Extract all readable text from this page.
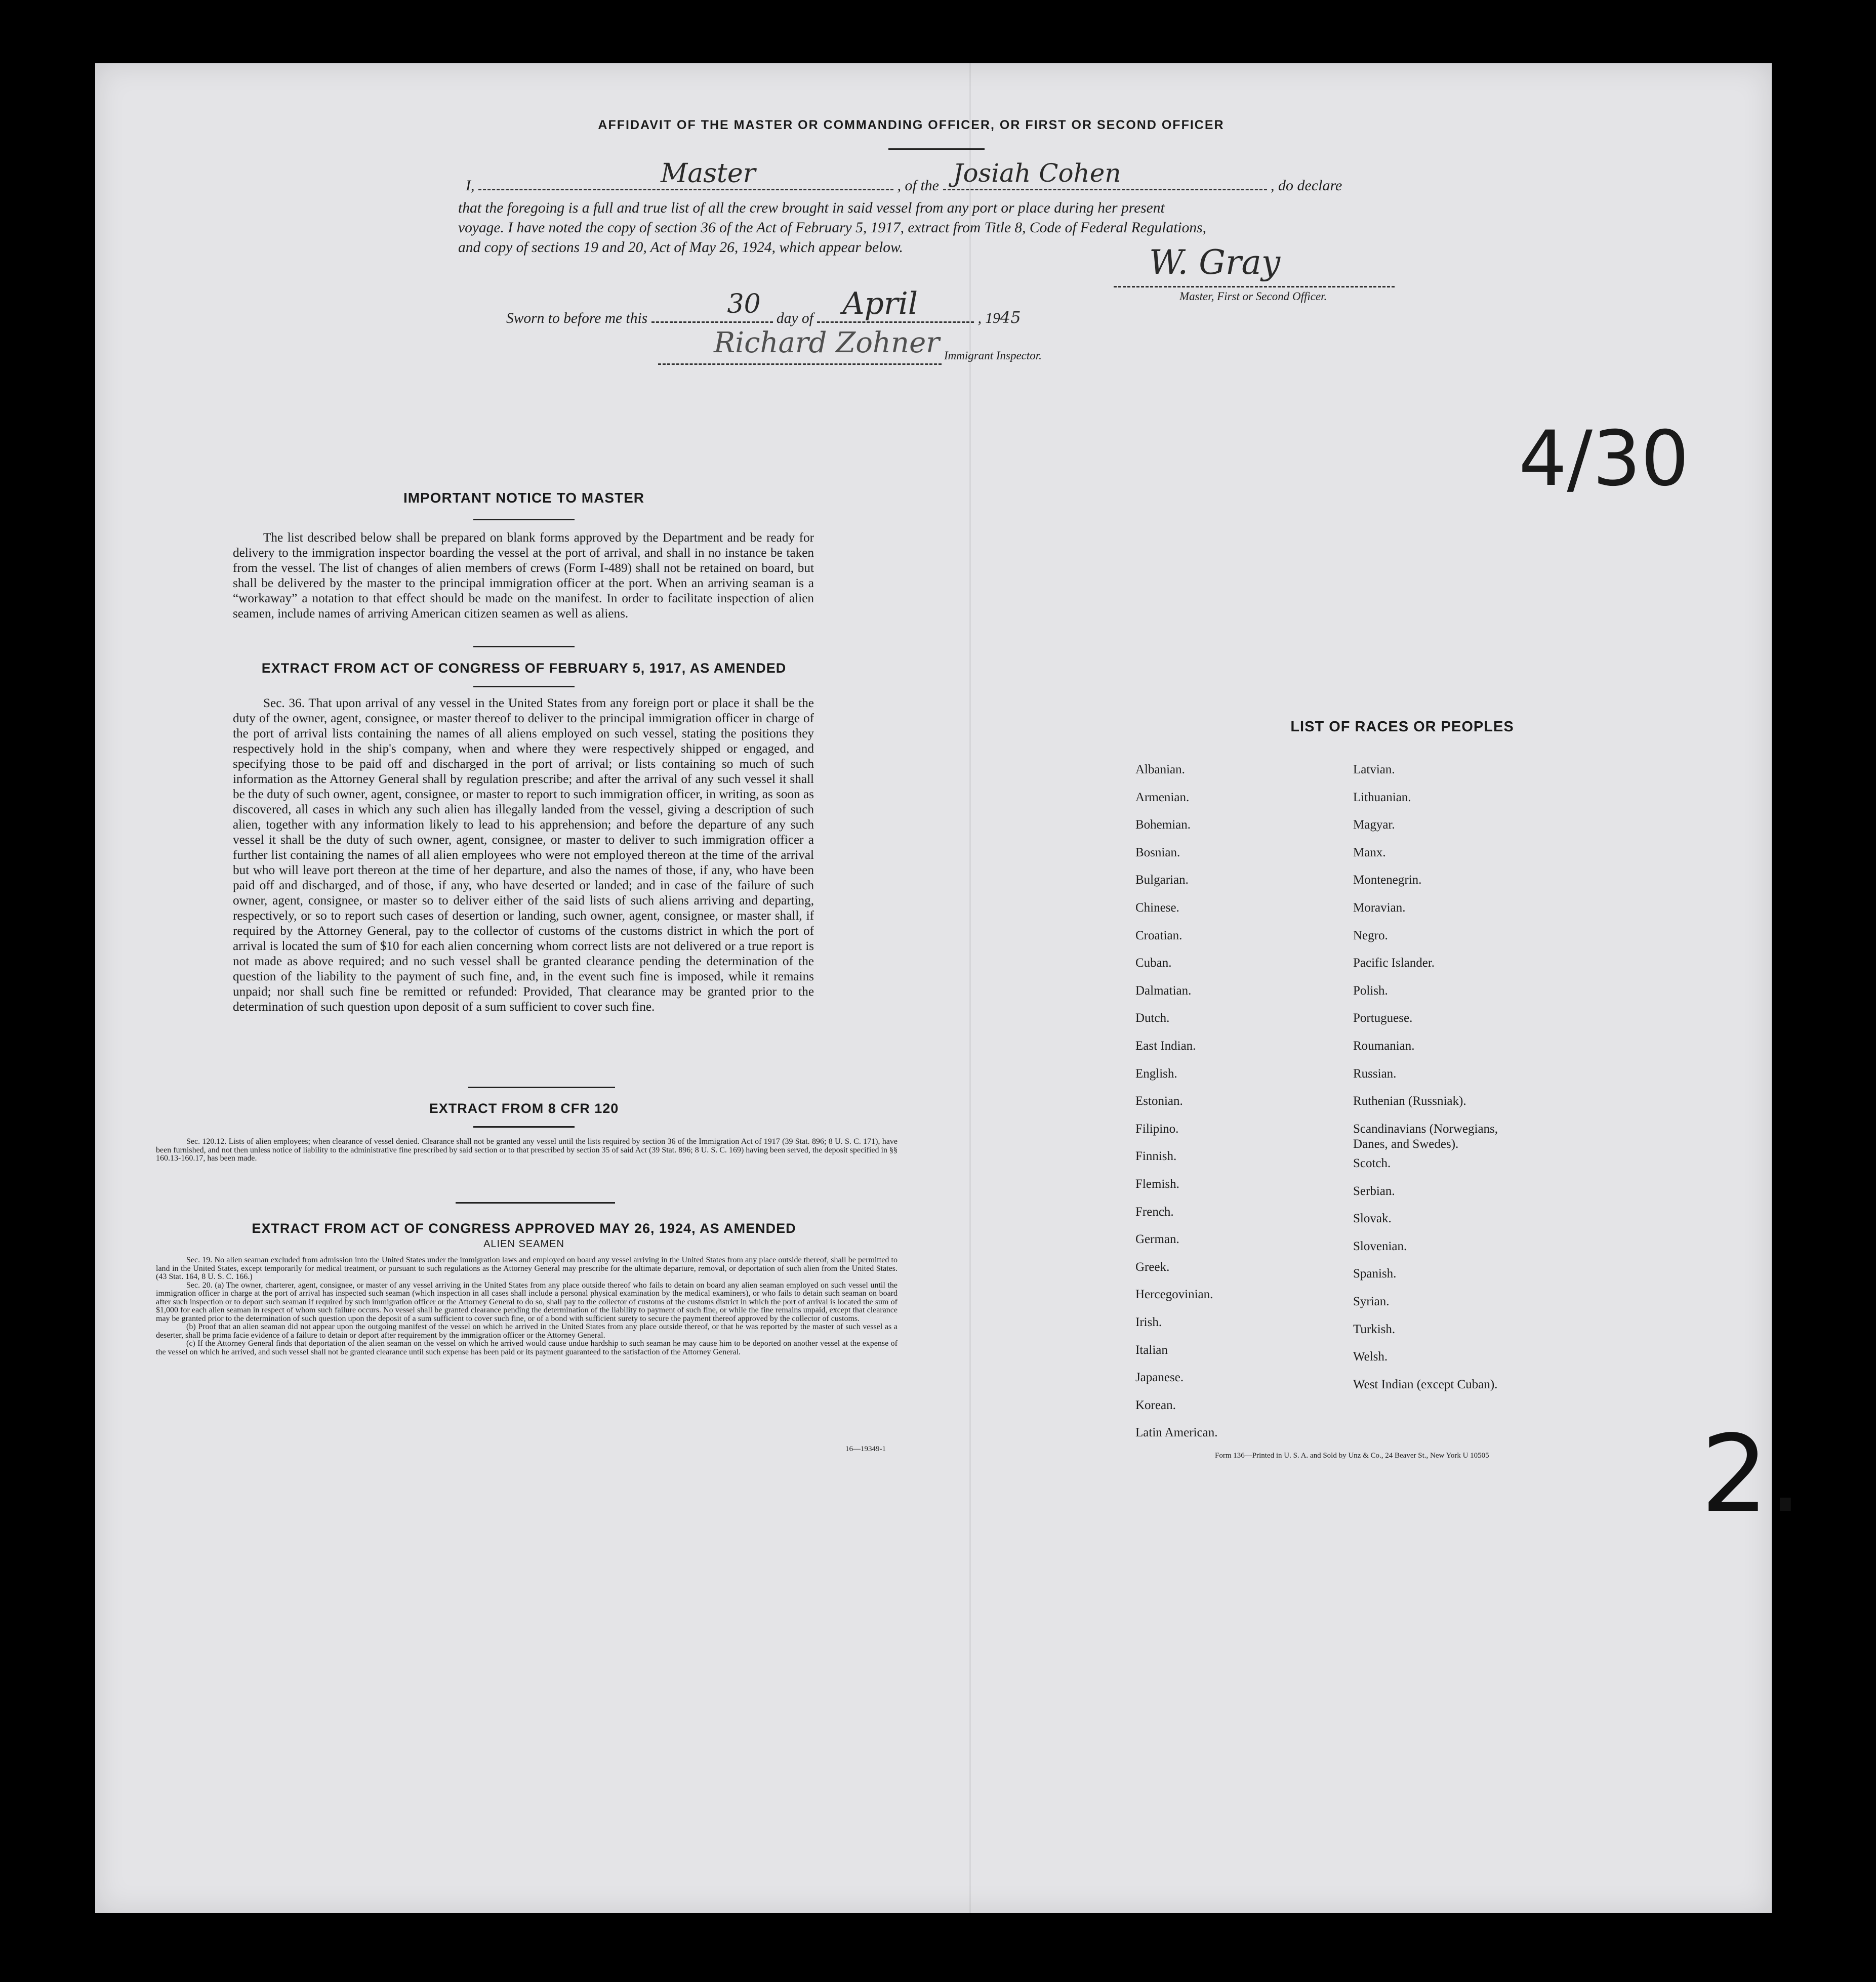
AFFIDAVIT OF THE MASTER OR COMMANDING OFFICER, OR FIRST OR SECOND OFFICER
I,	Master	, of the Josiah Cohen	, do declare
that the foregoing is a full and true list of all the crew brought in said vessel from any port or place during her present
voyage. I have noted the copy of section 36 of the Act of February 5, 1917, extract from Title 8, Code of Federal Regulations,
and copy of sections 19 and 20, Act of May 26, 1924, which appear below.	W. Gray
Master, First or Second Officer.
Sworn to before me this	30 day of April	, 1945
Richard Zohner Immigrant Inspector.
4/30
2.
IMPORTANT NOTICE TO MASTER
The list described below shall be prepared on blank forms approved by the Department and be ready for delivery to the immigration inspector boarding the vessel at the port of arrival, and shall in no instance be taken from the vessel. The list of changes of alien members of crews (Form I-489) shall not be retained on board, but shall be delivered by the master to the principal immigration officer at the port. When an arriving seaman is a “workaway” a notation to that effect should be made on the manifest. In order to facilitate inspection of alien seamen, include names of arriving American citizen seamen as well as aliens.
EXTRACT FROM ACT OF CONGRESS OF FEBRUARY 5, 1917, AS AMENDED
Sec. 36. That upon arrival of any vessel in the United States from any foreign port or place it shall be the duty of the owner, agent, consignee, or master thereof to deliver to the principal immigration officer in charge of the port of arrival lists containing the names of all aliens employed on such vessel, stating the positions they respectively hold in the ship's company, when and where they were respectively shipped or engaged, and specifying those to be paid off and discharged in the port of arrival; or lists containing so much of such information as the Attorney General shall by regulation prescribe; and after the arrival of any such vessel it shall be the duty of such owner, agent, consignee, or master to report to such immigration officer, in writing, as soon as discovered, all cases in which any such alien has illegally landed from the vessel, giving a description of such alien, together with any information likely to lead to his apprehension; and before the departure of any such vessel it shall be the duty of such owner, agent, consignee, or master to deliver to such immigration officer a further list containing the names of all alien employees who were not employed thereon at the time of the arrival but who will leave port thereon at the time of her departure, and also the names of those, if any, who have been paid off and discharged, and of those, if any, who have deserted or landed; and in case of the failure of such owner, agent, consignee, or master so to deliver either of the said lists of such aliens arriving and departing, respectively, or so to report such cases of desertion or landing, such owner, agent, consignee, or master shall, if required by the Attorney General, pay to the collector of customs of the customs district in which the port of arrival is located the sum of $10 for each alien concerning whom correct lists are not delivered or a true report is not made as above required; and no such vessel shall be granted clearance pending the determination of the question of the liability to the payment of such fine, and, in the event such fine is imposed, while it remains unpaid; nor shall such fine be remitted or refunded: Provided, That clearance may be granted prior to the determination of such question upon deposit of a sum sufficient to cover such fine.
EXTRACT FROM 8 CFR 120
Sec. 120.12. Lists of alien employees; when clearance of vessel denied. Clearance shall not be granted any vessel until the lists required by section 36 of the Immigration Act of 1917 (39 Stat. 896; 8 U. S. C. 171), have been furnished, and not then unless notice of liability to the administrative fine prescribed by said section or to that prescribed by section 35 of said Act (39 Stat. 896; 8 U. S. C. 169) having been served, the deposit specified in §§ 160.13-160.17, has been made.
EXTRACT FROM ACT OF CONGRESS APPROVED MAY 26, 1924, AS AMENDED
ALIEN SEAMEN
Sec. 19. No alien seaman excluded from admission into the United States under the immigration laws and employed on board any vessel arriving in the United States from any place outside thereof, shall be permitted to land in the United States, except temporarily for medical treatment, or pursuant to such regulations as the Attorney General may prescribe for the ultimate departure, removal, or deportation of such alien from the United States. (43 Stat. 164, 8 U. S. C. 166.)
Sec. 20. (a) The owner, charterer, agent, consignee, or master of any vessel arriving in the United States from any place outside thereof who fails to detain on board any alien seaman employed on such vessel until the immigration officer in charge at the port of arrival has inspected such seaman (which inspection in all cases shall include a personal physical examination by the medical examiners), or who fails to detain such seaman on board after such inspection or to deport such seaman if required by such immigration officer or the Attorney General to do so, shall pay to the collector of customs of the customs district in which the port of arrival is located the sum of $1,000 for each alien seaman in respect of whom such failure occurs. No vessel shall be granted clearance pending the determination of the liability to payment of such fine, or while the fine remains unpaid, except that clearance may be granted prior to the determination of such question upon the deposit of a sum sufficient to cover such fine, or of a bond with sufficient surety to secure the payment thereof approved by the collector of customs.
(b) Proof that an alien seaman did not appear upon the outgoing manifest of the vessel on which he arrived in the United States from any place outside thereof, or that he was reported by the master of such vessel as a deserter, shall be prima facie evidence of a failure to detain or deport after requirement by the immigration officer or the Attorney General.
(c) If the Attorney General finds that deportation of the alien seaman on the vessel on which he arrived would cause undue hardship to such seaman he may cause him to be deported on another vessel at the expense of the vessel on which he arrived, and such vessel shall not be granted clearance until such expense has been paid or its payment guaranteed to the satisfaction of the Attorney General.
16—19349-1
LIST OF RACES OR PEOPLES
Albanian.
Armenian.
Bohemian.
Bosnian.
Bulgarian.
Chinese.
Croatian.
Cuban.
Dalmatian.
Dutch.
East Indian.
English.
Estonian.
Filipino.
Finnish.
Flemish.
French.
German.
Greek.
Hercegovinian.
Irish.
Italian
Japanese.
Korean.
Latin American.
Latvian.
Lithuanian.
Magyar.
Manx.
Montenegrin.
Moravian.
Negro.
Pacific Islander.
Polish.
Portuguese.
Roumanian.
Russian.
Ruthenian (Russniak).
Scandinavians (Norwegians,
Danes, and Swedes).
Scotch.
Serbian.
Slovak.
Slovenian.
Spanish.
Syrian.
Turkish.
Welsh.
West Indian (except Cuban).
Form 136—Printed in U. S. A. and Sold by Unz & Co., 24 Beaver St., New York U 10505
